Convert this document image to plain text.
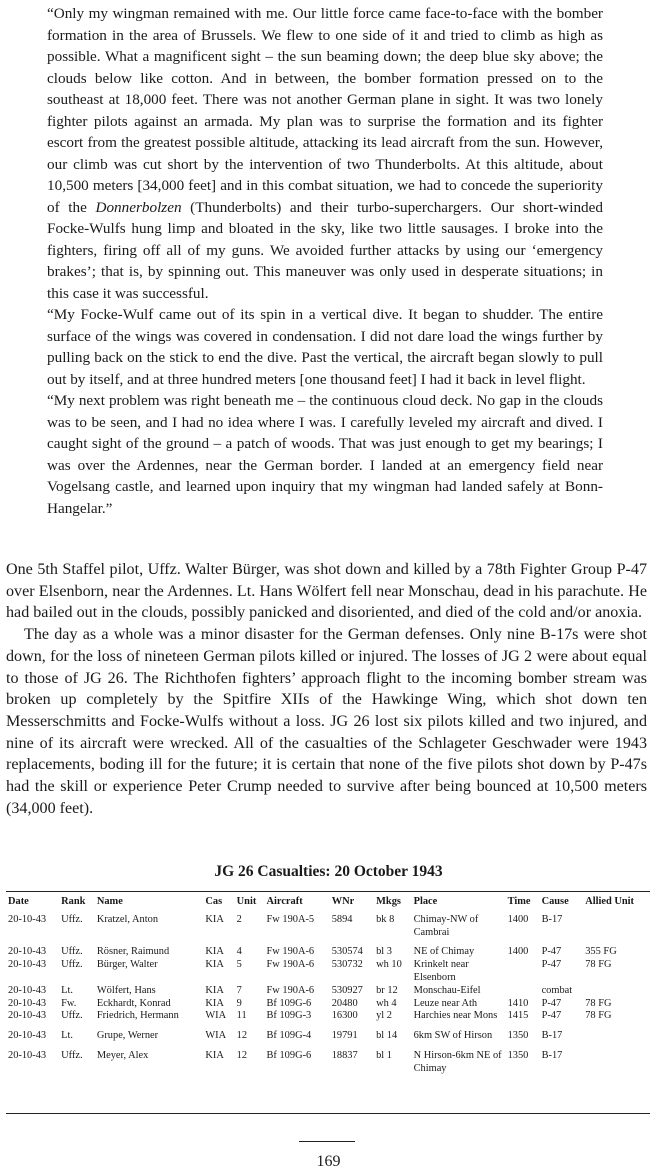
“Only my wingman remained with me. Our little force came face-to-face with the bomber formation in the area of Brussels. We flew to one side of it and tried to climb as high as possible. What a magnificent sight – the sun beaming down; the deep blue sky above; the clouds below like cotton. And in between, the bomber formation pressed on to the southeast at 18,000 feet. There was not another German plane in sight. It was two lonely fighter pilots against an armada. My plan was to surprise the formation and its fighter escort from the greatest possible altitude, attacking its lead aircraft from the sun. However, our climb was cut short by the intervention of two Thunderbolts. At this altitude, about 10,500 meters [34,000 feet] and in this combat situation, we had to concede the superiority of the Donnerbolzen (Thunderbolts) and their turbo-superchargers. Our short-winded Focke-Wulfs hung limp and bloated in the sky, like two little sausages. I broke into the fighters, firing off all of my guns. We avoided further attacks by using our ‘emergency brakes’; that is, by spinning out. This maneuver was only used in desperate situations; in this case it was successful.

“My Focke-Wulf came out of its spin in a vertical dive. It began to shudder. The entire surface of the wings was covered in condensation. I did not dare load the wings further by pulling back on the stick to end the dive. Past the vertical, the aircraft began slowly to pull out by itself, and at three hundred meters [one thousand feet] I had it back in level flight.

“My next problem was right beneath me – the continuous cloud deck. No gap in the clouds was to be seen, and I had no idea where I was. I carefully leveled my aircraft and dived. I caught sight of the ground – a patch of woods. That was just enough to get my bearings; I was over the Ardennes, near the German border. I landed at an emergency field near Vogelsang castle, and learned upon inquiry that my wingman had landed safely at Bonn-Hangelar.”

One 5th Staffel pilot, Uffz. Walter Bürger, was shot down and killed by a 78th Fighter Group P-47 over Elsenborn, near the Ardennes. Lt. Hans Wölfert fell near Monschau, dead in his parachute. He had bailed out in the clouds, possibly panicked and disoriented, and died of the cold and/or anoxia.

The day as a whole was a minor disaster for the German defenses. Only nine B-17s were shot down, for the loss of nineteen German pilots killed or injured. The losses of JG 2 were about equal to those of JG 26. The Richthofen fighters’ approach flight to the incoming bomber stream was broken up completely by the Spitfire XIIs of the Hawkinge Wing, which shot down ten Messerschmitts and Focke-Wulfs without a loss. JG 26 lost six pilots killed and two injured, and nine of its aircraft were wrecked. All of the casualties of the Schlageter Geschwader were 1943 replacements, boding ill for the future; it is certain that none of the five pilots shot down by P-47s had the skill or experience Peter Crump needed to survive after being bounced at 10,500 meters (34,000 feet).

JG 26 Casualties: 20 October 1943
Date	Rank	Name	Cas	Unit	Aircraft	WNr	Mkgs	Place	Time	Cause	Allied Unit
20-10-43	Uffz.	Kratzel, Anton	KIA	2	Fw 190A-5	5894	bk 8	Chimay-NW of Cambrai	1400	B-17	
20-10-43	Uffz.	Rösner, Raimund	KIA	4	Fw 190A-6	530574	bl 3	NE of Chimay	1400	P-47	355 FG
20-10-43	Uffz.	Bürger, Walter	KIA	5	Fw 190A-6	530732	wh 10	Krinkelt near Elsenborn		P-47	78 FG
20-10-43	Lt.	Wölfert, Hans	KIA	7	Fw 190A-6	530927	br 12	Monschau-Eifel		combat	
20-10-43	Fw.	Eckhardt, Konrad	KIA	9	Bf 109G-6	20480	wh 4	Leuze near Ath	1410	P-47	78 FG
20-10-43	Uffz.	Friedrich, Hermann	WIA	11	Bf 109G-3	16300	yl 2	Harchies near Mons	1415	P-47	78 FG
20-10-43	Lt.	Grupe, Werner	WIA	12	Bf 109G-4	19791	bl 14	6km SW of Hirson	1350	B-17	
20-10-43	Uffz.	Meyer, Alex	KIA	12	Bf 109G-6	18837	bl 1	N Hirson-6km NE of Chimay	1350	B-17	
169
